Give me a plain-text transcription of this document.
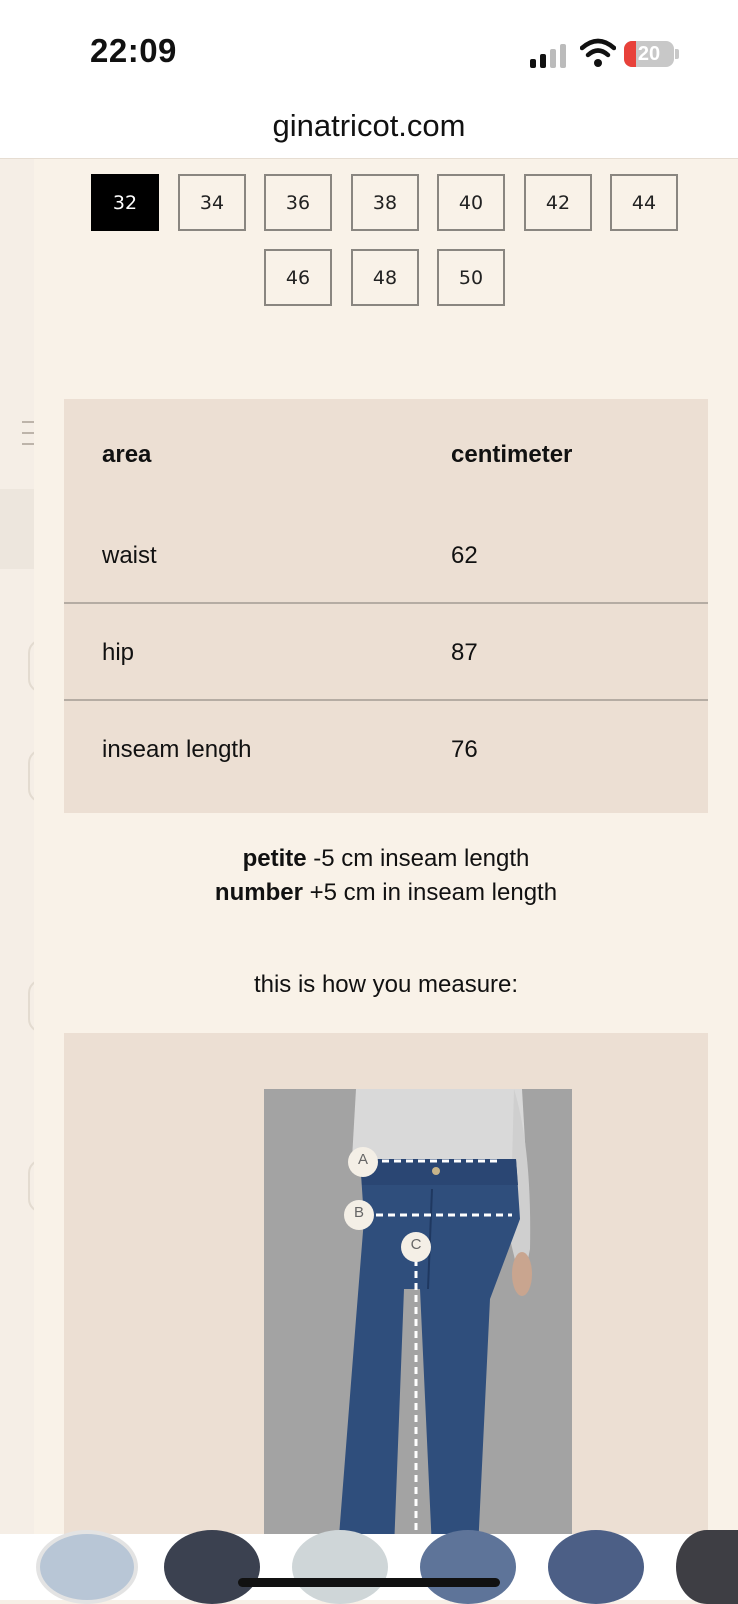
22:09	20
ginatricot.com
32	34	36	38	40	42	44
46	48	50
area	centimeter
waist	62
hip	87
inseam length	76
petite -5 cm inseam length
number +5 cm in inseam length
this is how you measure:
A
B
C
